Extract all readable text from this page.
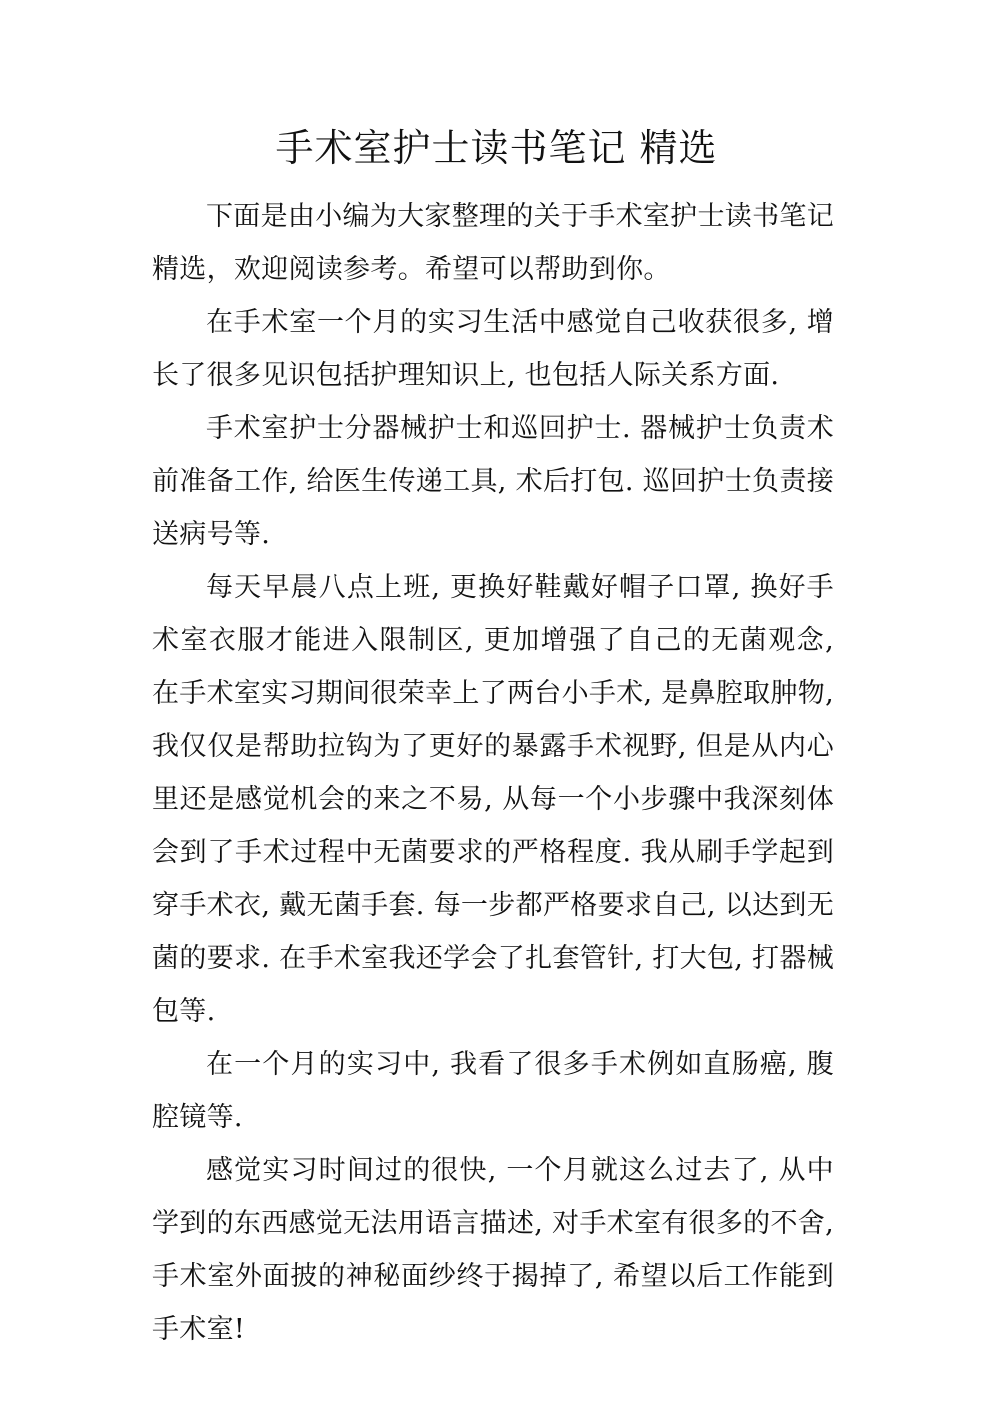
手术室护士读书笔记 精选

下面是由小编为大家整理的关于手术室护士读书笔记精选，欢迎阅读参考。希望可以帮助到你。

在手术室一个月的实习生活中感觉自己收获很多, 增长了很多见识包括护理知识上, 也包括人际关系方面.

手术室护士分器械护士和巡回护士. 器械护士负责术前准备工作, 给医生传递工具, 术后打包. 巡回护士负责接送病号等.

每天早晨八点上班, 更换好鞋戴好帽子口罩, 换好手术室衣服才能进入限制区, 更加增强了自己的无菌观念, 在手术室实习期间很荣幸上了两台小手术, 是鼻腔取肿物, 我仅仅是帮助拉钩为了更好的暴露手术视野, 但是从内心里还是感觉机会的来之不易, 从每一个小步骤中我深刻体会到了手术过程中无菌要求的严格程度. 我从刷手学起到穿手术衣, 戴无菌手套. 每一步都严格要求自己, 以达到无菌的要求. 在手术室我还学会了扎套管针, 打大包, 打器械包等.

在一个月的实习中, 我看了很多手术例如直肠癌, 腹腔镜等.

感觉实习时间过的很快, 一个月就这么过去了, 从中学到的东西感觉无法用语言描述, 对手术室有很多的不舍, 手术室外面披的神秘面纱终于揭掉了, 希望以后工作能到手术室!
